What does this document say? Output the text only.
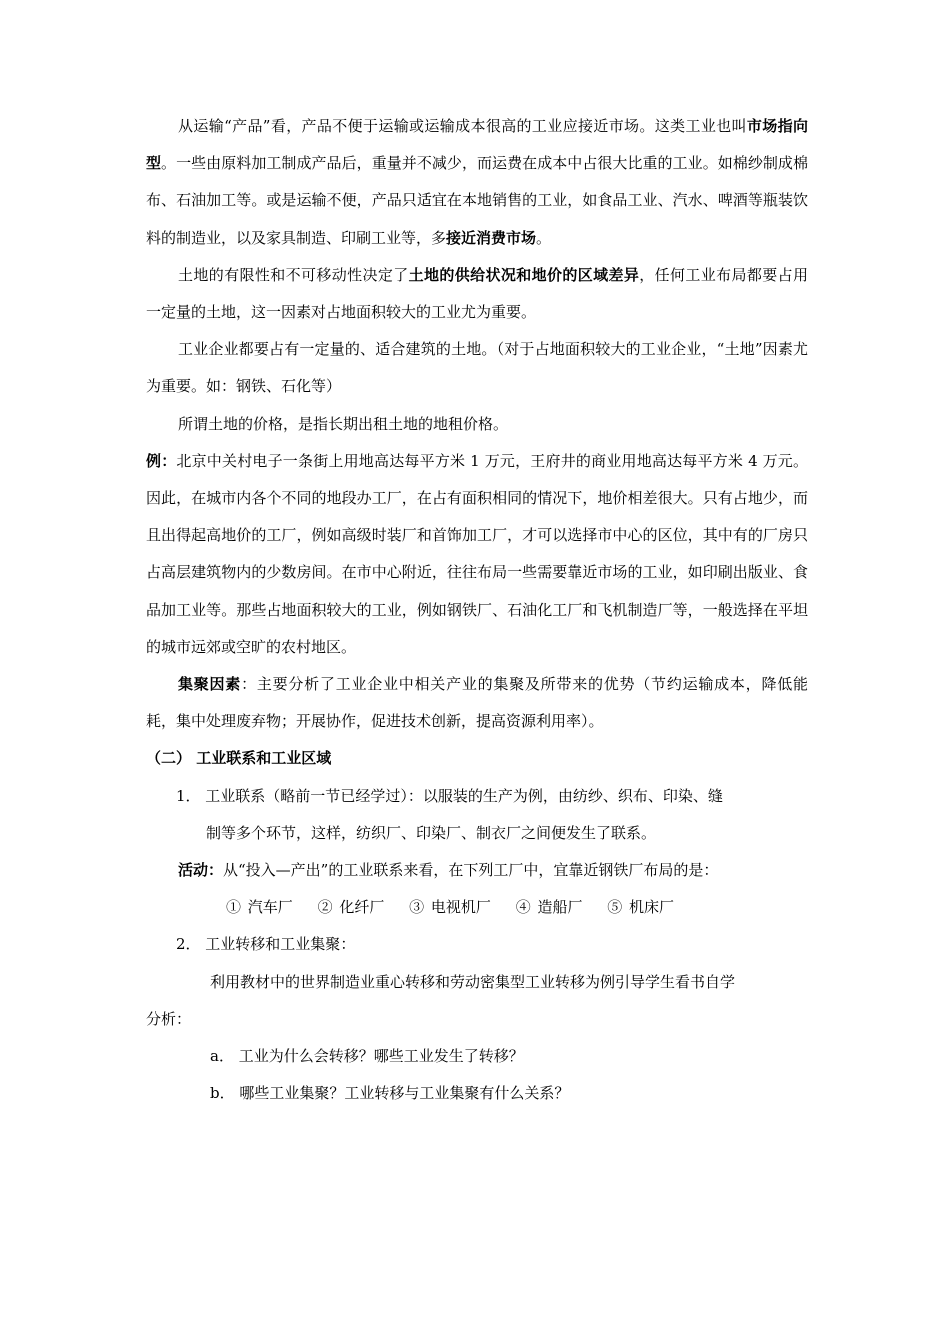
从运输“产品”看，产品不便于运输或运输成本很高的工业应接近市场。这类工业也叫市场指向型。一些由原料加工制成产品后，重量并不减少，而运费在成本中占很大比重的工业。如棉纱制成棉布、石油加工等。或是运输不便，产品只适宜在本地销售的工业，如食品工业、汽水、啤酒等瓶装饮料的制造业，以及家具制造、印刷工业等，多接近消费市场。

土地的有限性和不可移动性决定了土地的供给状况和地价的区域差异，任何工业布局都要占用一定量的土地，这一因素对占地面积较大的工业尤为重要。

工业企业都要占有一定量的、适合建筑的土地。（对于占地面积较大的工业企业，“土地”因素尤为重要。如：钢铁、石化等）

所谓土地的价格，是指长期出租土地的地租价格。

例：北京中关村电子一条街上用地高达每平方米 1 万元，王府井的商业用地高达每平方米 4 万元。因此，在城市内各个不同的地段办工厂，在占有面积相同的情况下，地价相差很大。只有占地少，而且出得起高地价的工厂，例如高级时装厂和首饰加工厂，才可以选择市中心的区位，其中有的厂房只占高层建筑物内的少数房间。在市中心附近，往往布局一些需要靠近市场的工业，如印刷出版业、食品加工业等。那些占地面积较大的工业，例如钢铁厂、石油化工厂和飞机制造厂等，一般选择在平坦的城市远郊或空旷的农村地区。

集聚因素：主要分析了工业企业中相关产业的集聚及所带来的优势（节约运输成本，降低能耗，集中处理废弃物；开展协作，促进技术创新，提高资源利用率）。

（二） 工业联系和工业区域

1． 工业联系（略前一节已经学过）：以服装的生产为例，由纺纱、织布、印染、缝

制等多个环节，这样，纺织厂、印染厂、制衣厂之间便发生了联系。

活动：从“投入—产出”的工业联系来看，在下列工厂中，宜靠近钢铁厂布局的是：

① 汽车厂 ② 化纤厂 ③ 电视机厂 ④ 造船厂 ⑤ 机床厂

2． 工业转移和工业集聚：

利用教材中的世界制造业重心转移和劳动密集型工业转移为例引导学生看书自学

分析：

a． 工业为什么会转移？哪些工业发生了转移？

b． 哪些工业集聚？工业转移与工业集聚有什么关系？
